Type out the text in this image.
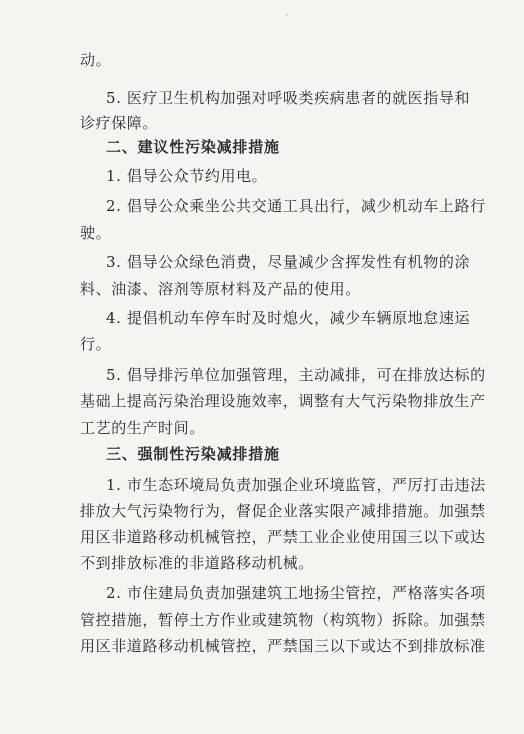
动。
5. 医疗卫生机构加强对呼吸类疾病患者的就医指导和
诊疗保障。
二、建议性污染减排措施
1. 倡导公众节约用电。
2. 倡导公众乘坐公共交通工具出行，减少机动车上路行
驶。
3. 倡导公众绿色消费，尽量减少含挥发性有机物的涂
料、油漆、溶剂等原材料及产品的使用。
4. 提倡机动车停车时及时熄火，减少车辆原地怠速运
行。
5. 倡导排污单位加强管理，主动减排，可在排放达标的
基础上提高污染治理设施效率，调整有大气污染物排放生产
工艺的生产时间。
三、强制性污染减排措施
1. 市生态环境局负责加强企业环境监管，严厉打击违法
排放大气污染物行为，督促企业落实限产减排措施。加强禁
用区非道路移动机械管控，严禁工业企业使用国三以下或达
不到排放标准的非道路移动机械。
2. 市住建局负责加强建筑工地扬尘管控，严格落实各项
管控措施，暂停土方作业或建筑物（构筑物）拆除。加强禁
用区非道路移动机械管控，严禁国三以下或达不到排放标准
